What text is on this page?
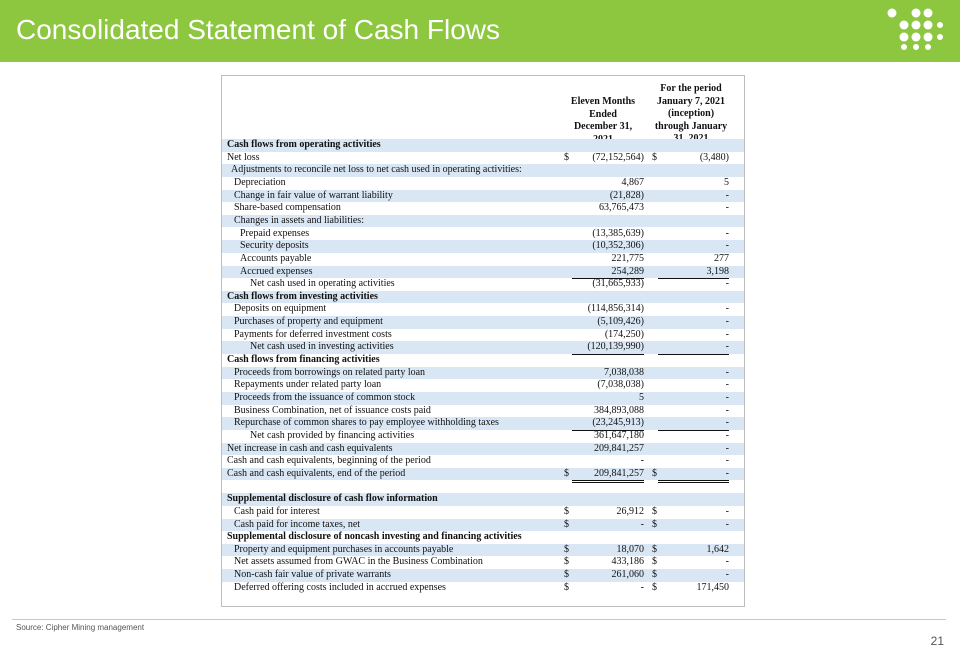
Consolidated Statement of Cash Flows
Eleven Months
Ended
December 31,
For the period
January 7, 2021
(inception)
through January
Cash flows from operating activities
Net loss	$	(72,152,564) $	(3,480)
Adjustments to reconcile net loss to net cash used in operating activities:
Depreciation	4,867	5
Change in fair value of warrant liability	(21,828)	-
Share-based compensation	63,765,473	-
Changes in assets and liabilities:
Prepaid expenses	(13,385,639)	-
Security deposits	(10,352,306)	-
Accounts payable	221,775	277
Accrued expenses	254,289	3,198
Net cash used in operating activities	(31,665,933)	-
Cash flows from investing activities
Deposits on equipment	(114,856,314)	-
Purchases of property and equipment	(5,109,426)	-
Payments for deferred investment costs	(174,250)	-
Net cash used in investing activities	(120,139,990)	-
Cash flows from financing activities
Proceeds from borrowings on related party loan	7,038,038	-
Repayments under related party loan	(7,038,038)	-
Proceeds from the issuance of common stock	5	-
Business Combination, net of issuance costs paid	384,893,088	-
Repurchase of common shares to pay employee withholding taxes	(23,245,913)	-
Net cash provided by financing activities	361,647,180	-
Net increase in cash and cash equivalents	209,841,257	-
Cash and cash equivalents, beginning of the period	-	-
Cash and cash equivalents, end of the period	$	209,841,257 $	-
Supplemental disclosure of cash flow information
Cash paid for interest	$	26,912 $	-
Cash paid for income taxes, net	$	- $	-
Supplemental disclosure of noncash investing and financing activities
Property and equipment purchases in accounts payable	$	18,070 $	1,642
Net assets assumed from GWAC in the Business Combination	$	433,186 $	-
Non-cash fair value of private warrants	$	261,060 $	-
Deferred offering costs included in accrued expenses	$	- $	171,450
Source: Cipher Mining management
21
